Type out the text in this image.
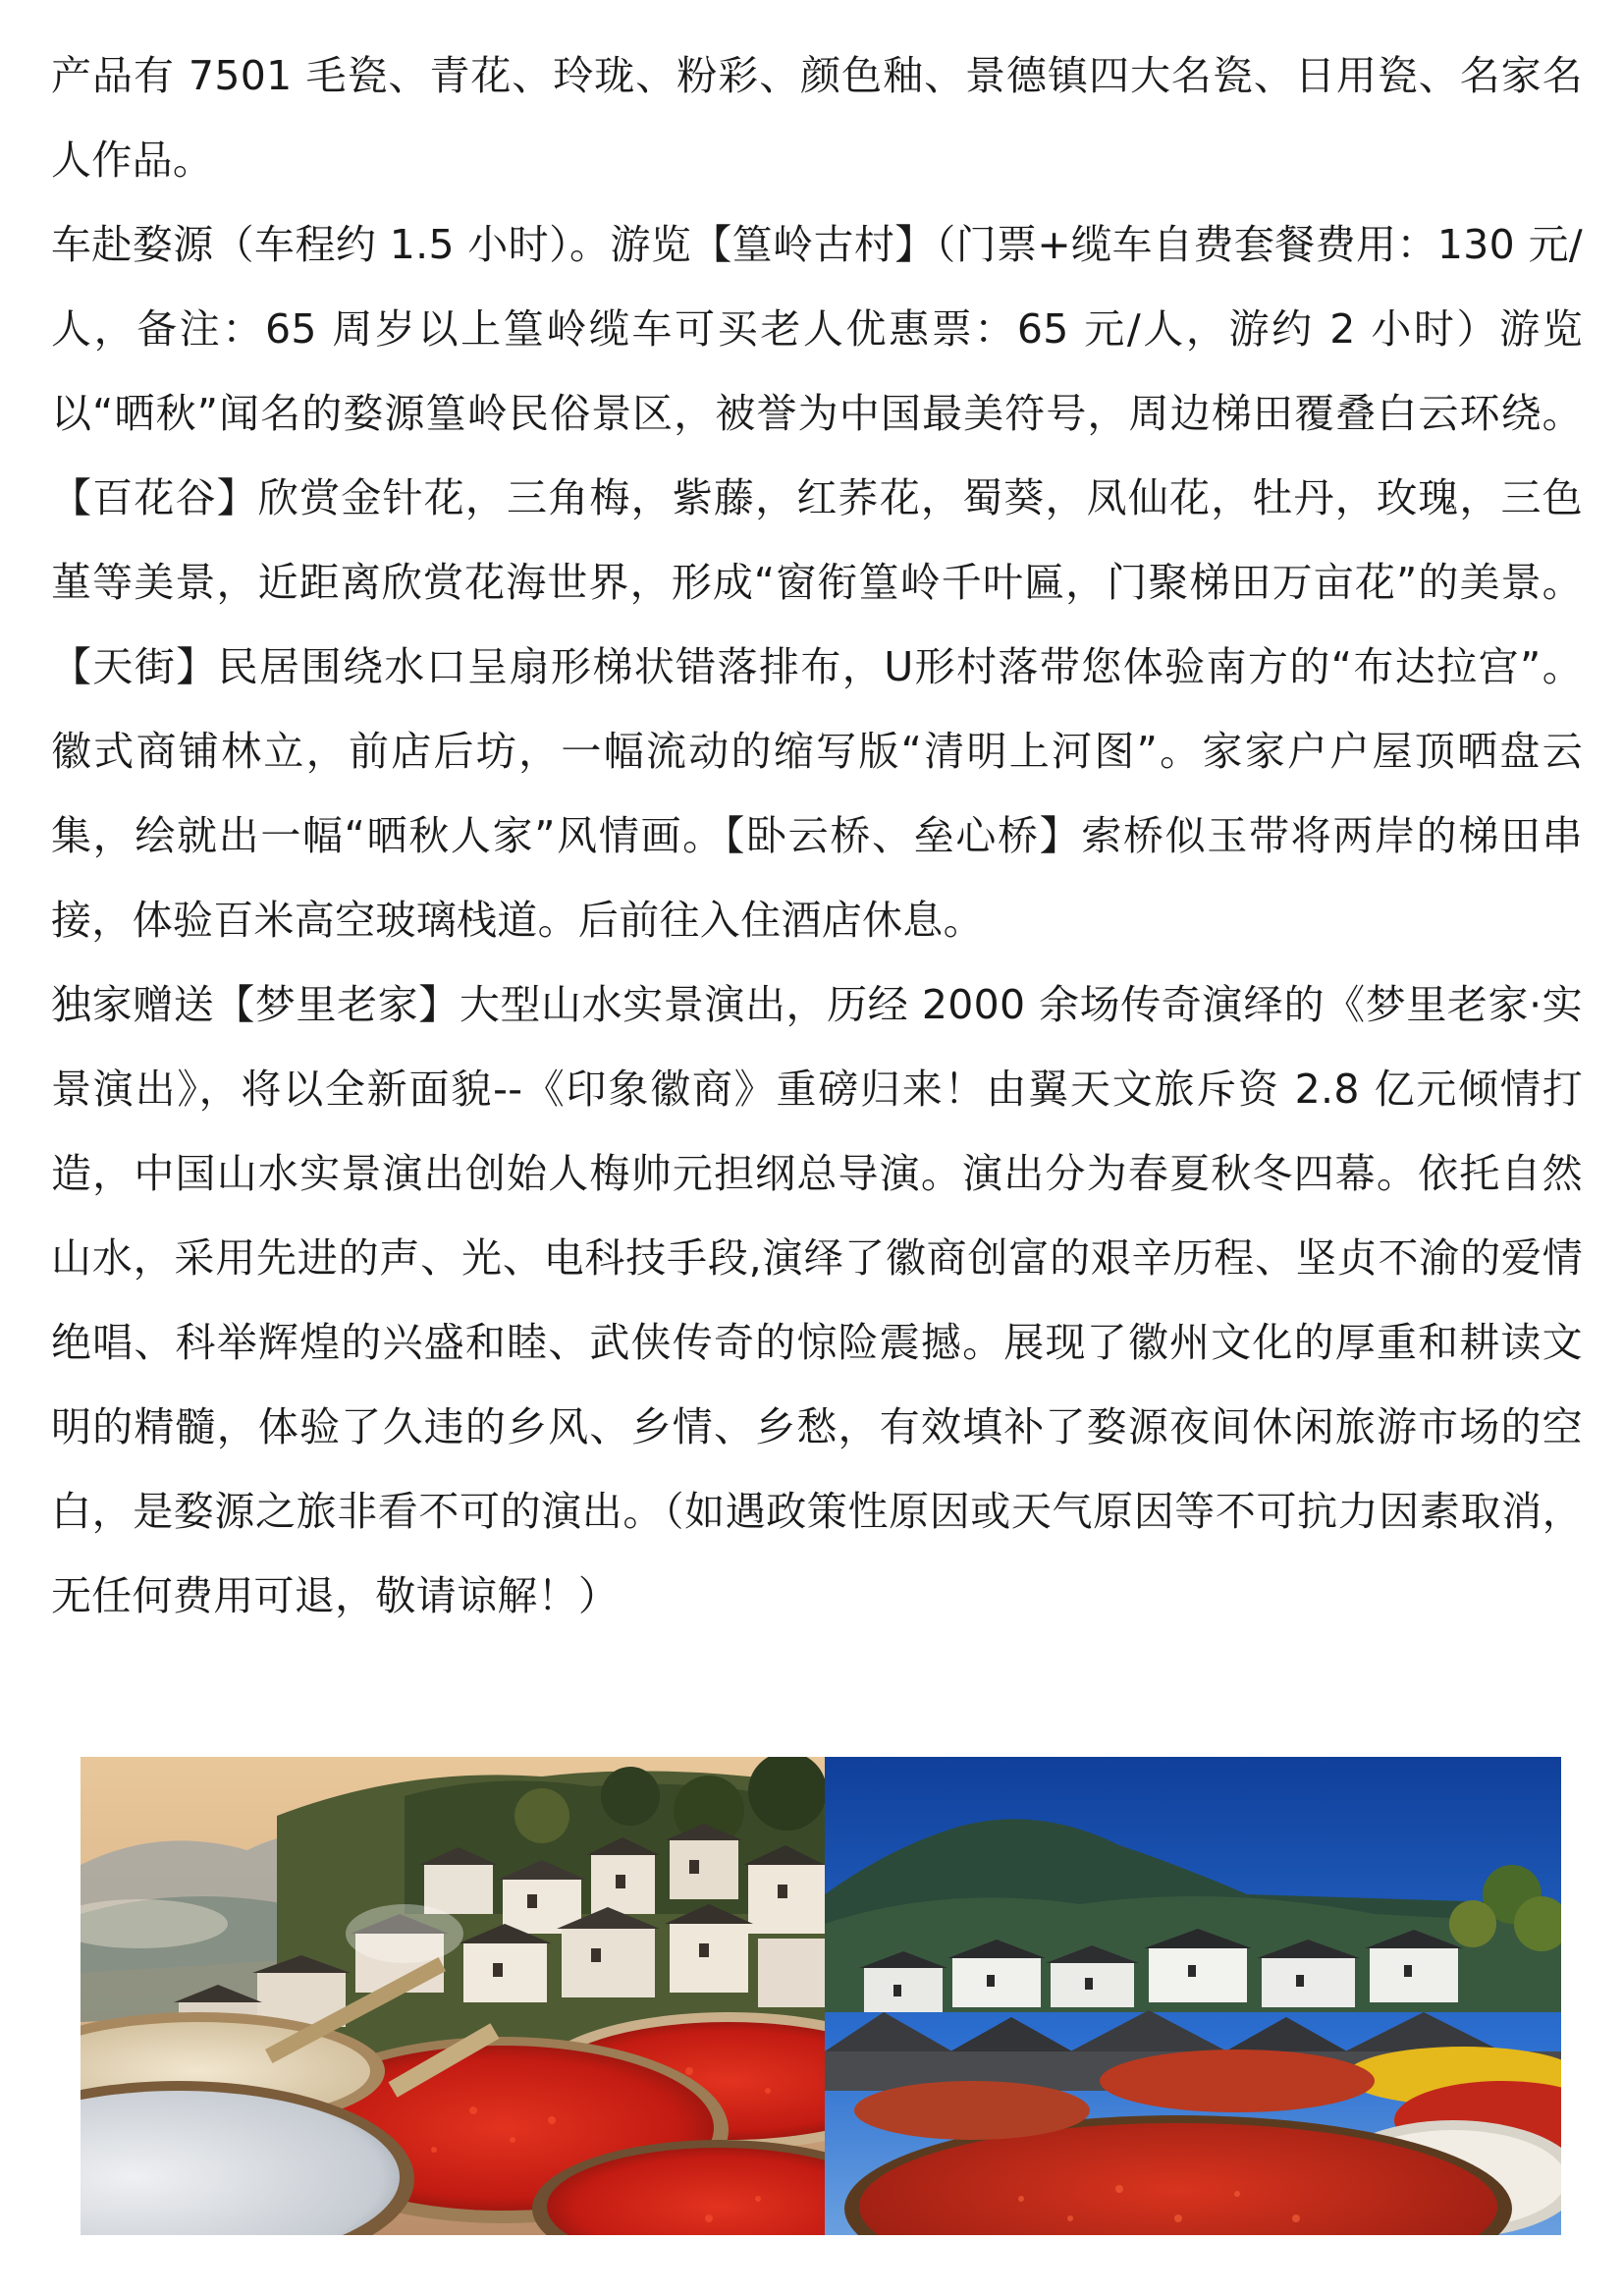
产品有 7501 毛瓷、青花、玲珑、粉彩、颜色釉、景德镇四大名瓷、日用瓷、名家名人作品。

车赴婺源（车程约 1.5 小时）。游览【篁岭古村】（门票+缆车自费套餐费用：130 元/人，备注：65 周岁以上篁岭缆车可买老人优惠票：65 元/人，游约 2 小时）游览以“晒秋”闻名的婺源篁岭民俗景区，被誉为中国最美符号，周边梯田覆叠白云环绕。【百花谷】欣赏金针花，三角梅，紫藤，红荞花，蜀葵，凤仙花，牡丹，玫瑰，三色堇等美景，近距离欣赏花海世界，形成“窗衔篁岭千叶匾，门聚梯田万亩花”的美景。【天街】民居围绕水口呈扇形梯状错落排布，U形村落带您体验南方的“布达拉宫”。徽式商铺林立，前店后坊，一幅流动的缩写版“清明上河图”。家家户户屋顶晒盘云集，绘就出一幅“晒秋人家”风情画。【卧云桥、垒心桥】索桥似玉带将两岸的梯田串接，体验百米高空玻璃栈道。后前往入住酒店休息。

独家赠送【梦里老家】大型山水实景演出，历经 2000 余场传奇演绎的《梦里老家·实景演出》，将以全新面貌--《印象徽商》重磅归来！由翼天文旅斥资 2.8 亿元倾情打造，中国山水实景演出创始人梅帅元担纲总导演。演出分为春夏秋冬四幕。依托自然山水，采用先进的声、光、电科技手段,演绎了徽商创富的艰辛历程、坚贞不渝的爱情绝唱、科举辉煌的兴盛和睦、武侠传奇的惊险震撼。展现了徽州文化的厚重和耕读文明的精髓，体验了久违的乡风、乡情、乡愁，有效填补了婺源夜间休闲旅游市场的空白，是婺源之旅非看不可的演出。（如遇政策性原因或天气原因等不可抗力因素取消，无任何费用可退，敬请谅解！）
